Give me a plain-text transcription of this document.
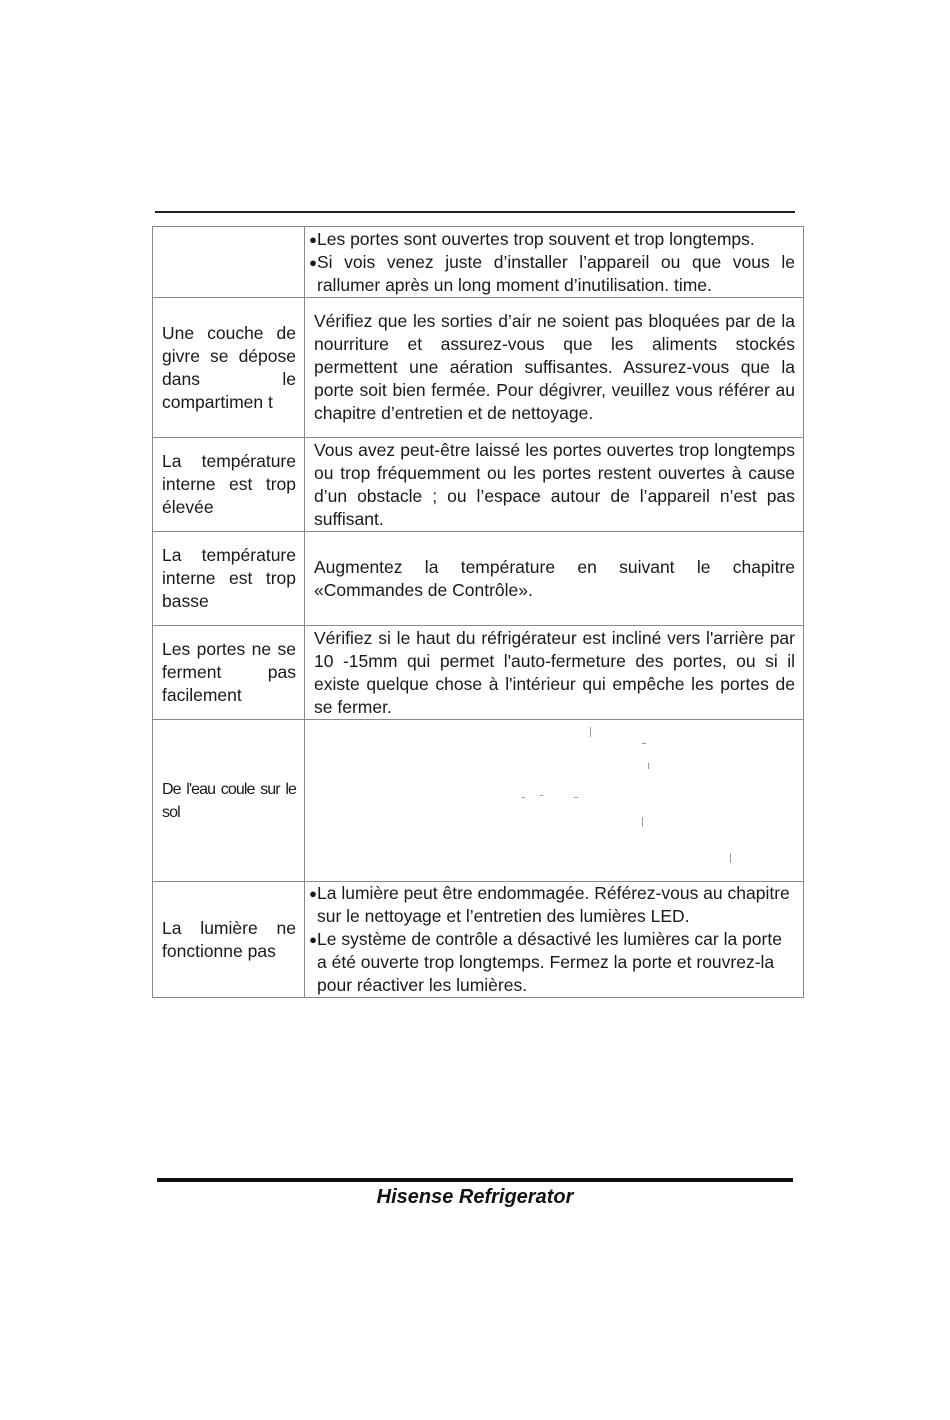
	● Les portes sont ouvertes trop souvent et trop longtemps.
● Si vois venez juste d’installer l’appareil ou que vous le rallumer après un long moment d’inutilisation. time.

Une couche de givre se dépose dans le compartimen t	Vérifiez que les sorties d’air ne soient pas bloquées par de la nourriture et assurez-vous que les aliments stockés permettent une aération suffisantes. Assurez-vous que la porte soit bien fermée. Pour dégivrer, veuillez vous référer au chapitre d’entretien et de nettoyage.
La température interne est trop élevée	Vous avez peut-être laissé les portes ouvertes trop longtemps ou trop fréquemment ou les portes restent ouvertes à cause d’un obstacle ; ou l’espace autour de l’appareil n’est pas suffisant.
La température interne est trop basse	Augmentez la température en suivant le chapitre «Commandes de Contrôle».
Les portes ne se ferment pas facilement	Vérifiez si le haut du réfrigérateur est incliné vers l'arrière par 10 -15mm qui permet l'auto-fermeture des portes, ou si il existe quelque chose à l'intérieur qui empêche les portes de se fermer.
De l'eau coule sur le sol	

La lumière ne fonctionne pas	● La lumière peut être endommagée. Référez-vous au chapitre sur le nettoyage et l’entretien des lumières LED.
● Le système de contrôle a désactivé les lumières car la porte a été ouverte trop longtemps. Fermez la porte et rouvrez-la pour réactiver les lumières.
Hisense Refrigerator
